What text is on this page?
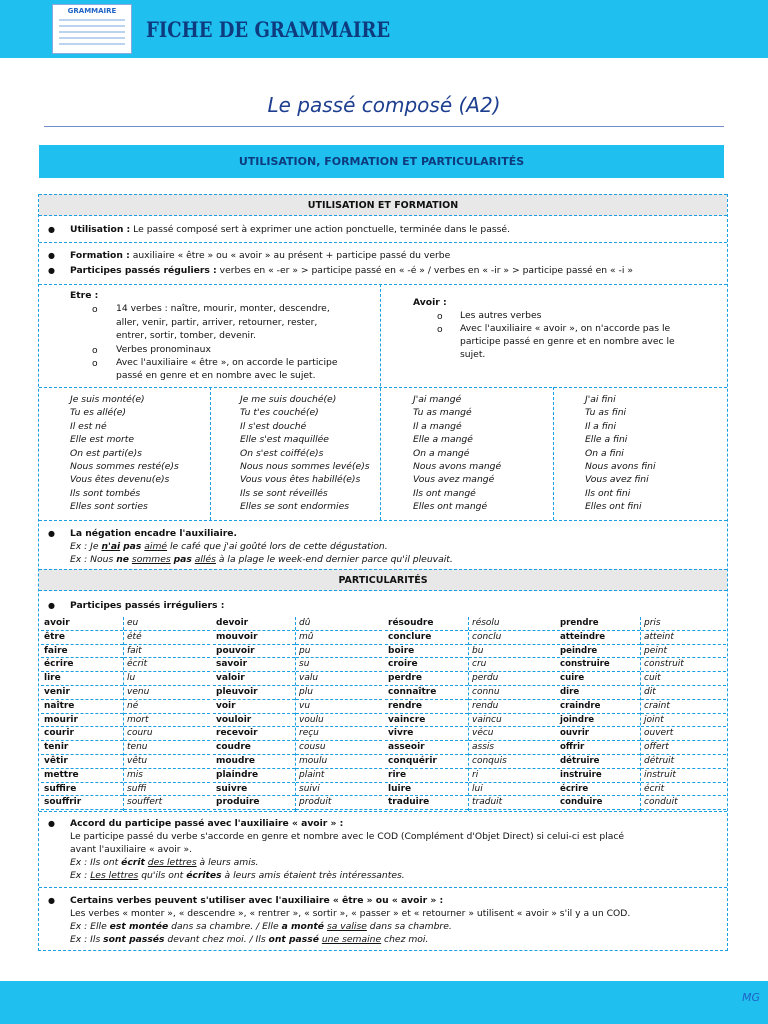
GRAMMAIRE
FICHE DE GRAMMAIRE
Le passé composé (A2)
UTILISATION, FORMATION ET PARTICULARITÉS
UTILISATION ET FORMATION
● Utilisation : Le passé composé sert à exprimer une action ponctuelle, terminée dans le passé.
● Formation : auxiliaire « être » ou « avoir » au présent + participe passé du verbe
● Participes passés réguliers : verbes en « -er » > participe passé en « -é » / verbes en « -ir » > participe passé en « -i »
Etre :
o 14 verbes : naître, mourir, monter, descendre,
aller, venir, partir, arriver, retourner, rester,
entrer, sortir, tomber, devenir.
o Verbes pronominaux
o Avec l'auxiliaire « être », on accorde le participe
passé en genre et en nombre avec le sujet.
Avoir :
o Les autres verbes
o Avec l'auxiliaire « avoir », on n'accorde pas le
participe passé en genre et en nombre avec le
sujet.
Je suis monté(e)
Tu es allé(e)
Il est né
Elle est morte
On est parti(e)s
Nous sommes resté(e)s
Vous êtes devenu(e)s
Ils sont tombés
Elles sont sorties
Je me suis douché(e)
Tu t'es couché(e)
Il s'est douché
Elle s'est maquillée
On s'est coiffé(e)s
Nous nous sommes levé(e)s
Vous vous êtes habillé(e)s
Ils se sont réveillés
Elles se sont endormies
J'ai mangé
Tu as mangé
Il a mangé
Elle a mangé
On a mangé
Nous avons mangé
Vous avez mangé
Ils ont mangé
Elles ont mangé
J'ai fini
Tu as fini
Il a fini
Elle a fini
On a fini
Nous avons fini
Vous avez fini
Ils ont fini
Elles ont fini
● La négation encadre l'auxiliaire.
Ex : Je n'ai pas aimé le café que j'ai goûté lors de cette dégustation.
Ex : Nous ne sommes pas allés à la plage le week-end dernier parce qu'il pleuvait.
PARTICULARITÉS
● Participes passés irréguliers :
avoir
être
faire
écrire
lire
venir
naître
mourir
courir
tenir
vêtir
mettre
suffire
souffrir
eu
été
fait
écrit
lu
venu
né
mort
couru
tenu
vêtu
mis
suffi
souffert
devoir
mouvoir
pouvoir
savoir
valoir
pleuvoir
voir
vouloir
recevoir
coudre
moudre
plaindre
suivre
produire
dû
mû
pu
su
valu
plu
vu
voulu
reçu
cousu
moulu
plaint
suivi
produit
résoudre
conclure
boire
croire
perdre
connaître
rendre
vaincre
vivre
asseoir
conquérir
rire
luire
traduire
résolu
conclu
bu
cru
perdu
connu
rendu
vaincu
vécu
assis
conquis
ri
lui
traduit
prendre
atteindre
peindre
construire
cuire
dire
craindre
joindre
ouvrir
offrir
détruire
instruire
écrire
conduire
pris
atteint
peint
construit
cuit
dit
craint
joint
ouvert
offert
détruit
instruit
écrit
conduit
● Accord du participe passé avec l'auxiliaire « avoir » :
Le participe passé du verbe s'accorde en genre et nombre avec le COD (Complément d'Objet Direct) si celui-ci est placé
avant l'auxiliaire « avoir ».
Ex : Ils ont écrit des lettres à leurs amis.
Ex : Les lettres qu'ils ont écrites à leurs amis étaient très intéressantes.
● Certains verbes peuvent s'utiliser avec l'auxiliaire « être » ou « avoir » :
Les verbes « monter », « descendre », « rentrer », « sortir », « passer » et « retourner » utilisent « avoir » s'il y a un COD.
Ex : Elle est montée dans sa chambre. / Elle a monté sa valise dans sa chambre.
Ex : Ils sont passés devant chez moi. / Ils ont passé une semaine chez moi.
MG
